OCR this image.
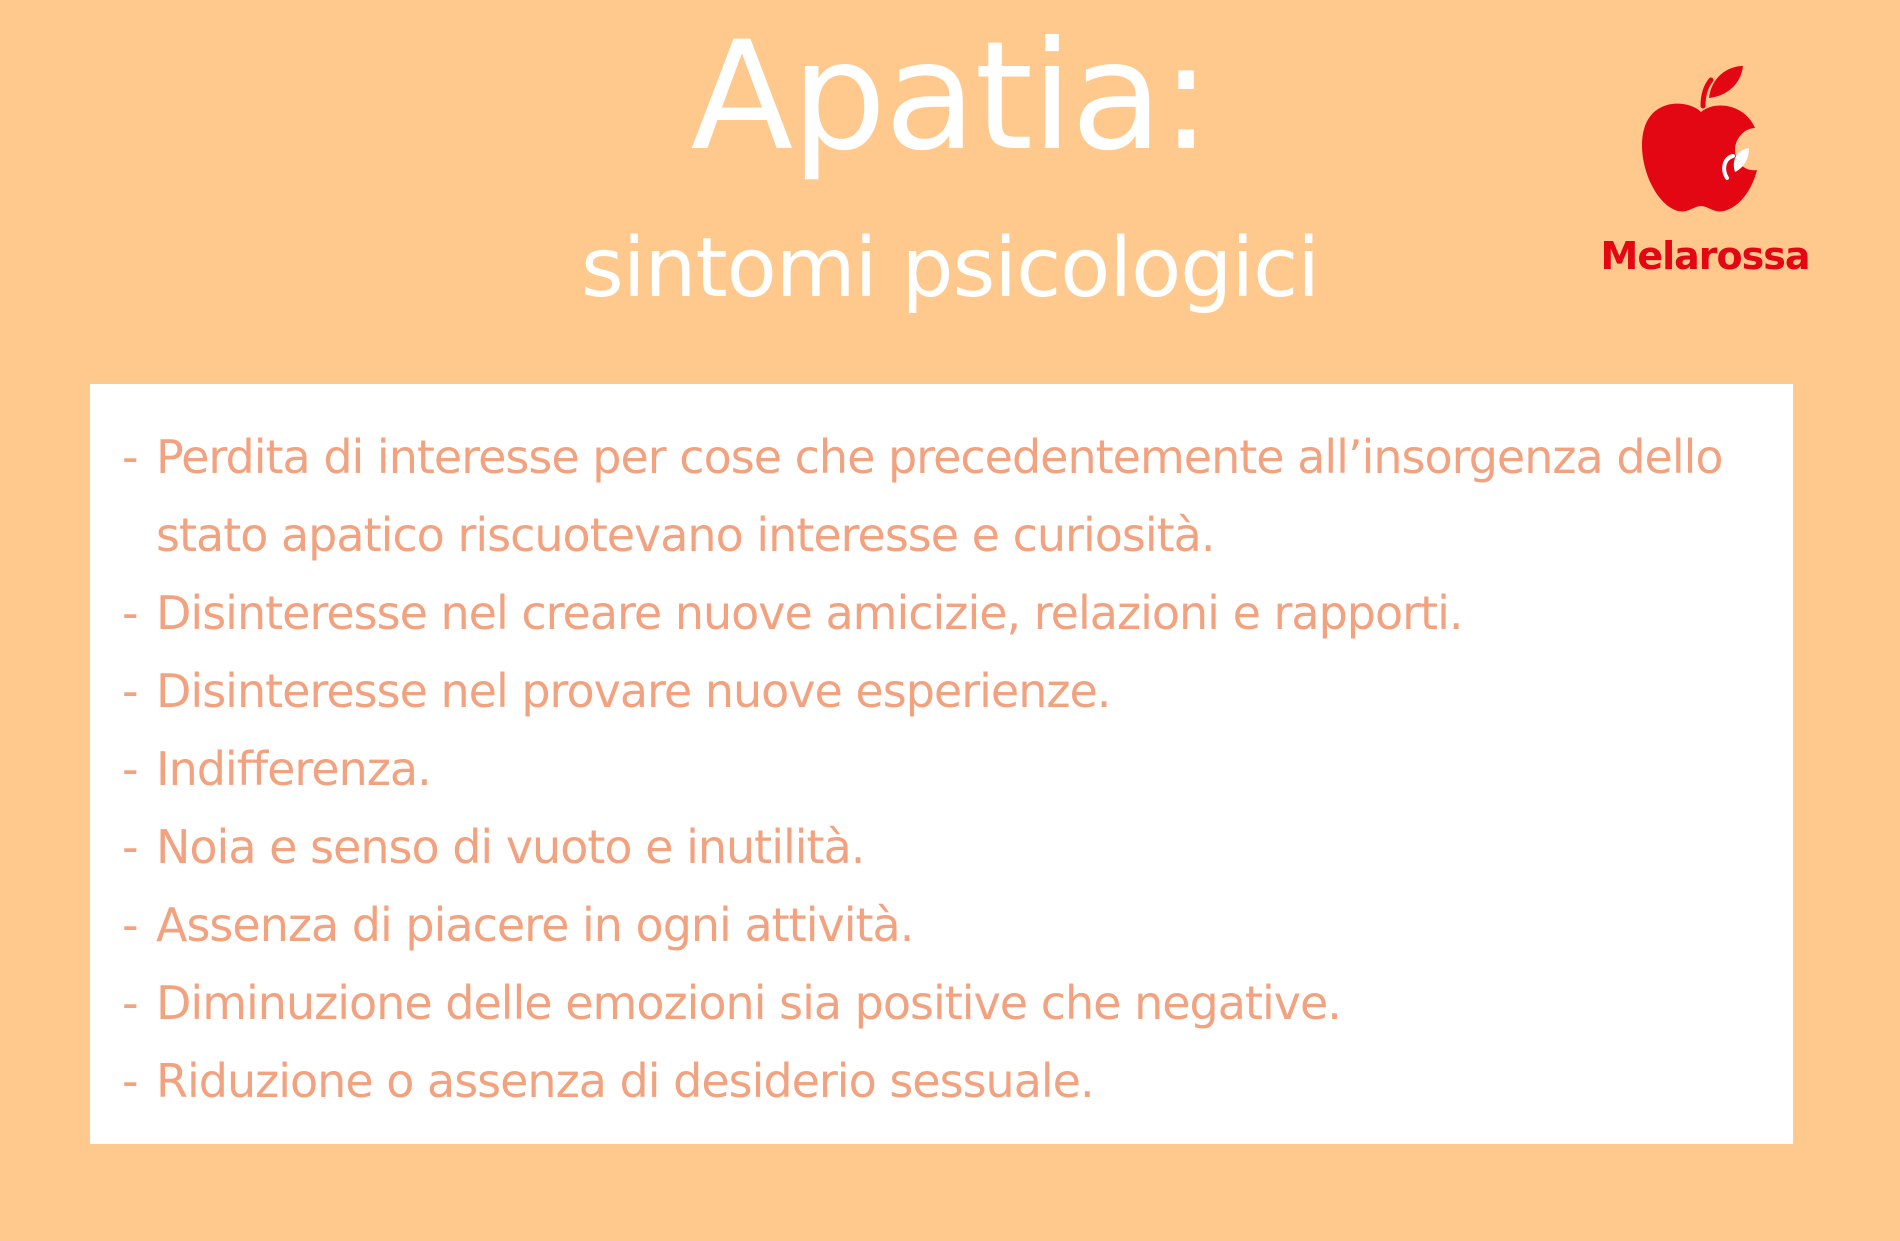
Apatia:
sintomi psicologici	Melarossa
- Perdita di interesse per cose che precedentemente all’insorgenza dello stato apatico riscuotevano interesse e curiosità.
- Disinteresse nel creare nuove amicizie, relazioni e rapporti.
- Disinteresse nel provare nuove esperienze.
- Indifferenza.
- Noia e senso di vuoto e inutilità.
- Assenza di piacere in ogni attività.
- Diminuzione delle emozioni sia positive che negative.
- Riduzione o assenza di desiderio sessuale.
